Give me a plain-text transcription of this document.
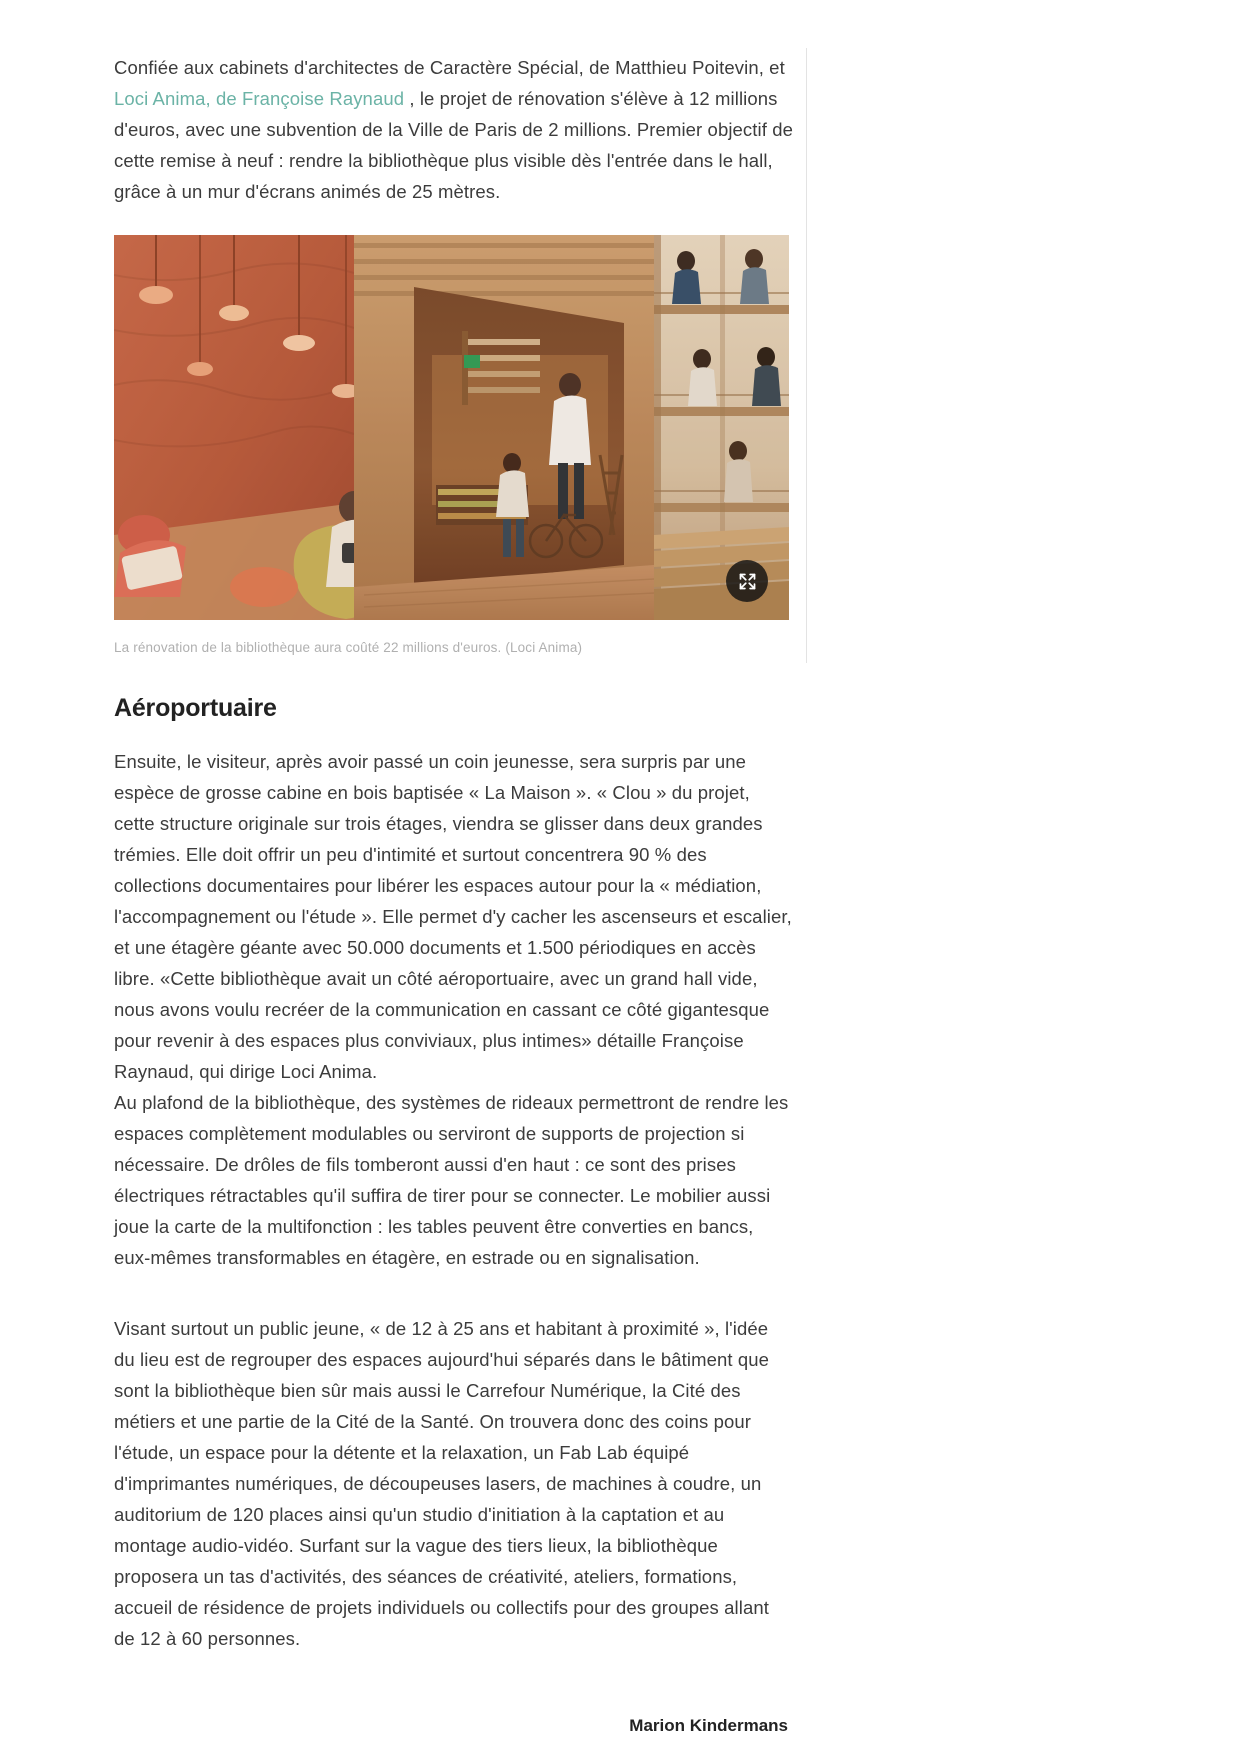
Confiée aux cabinets d'architectes de Caractère Spécial, de Matthieu Poitevin, et Loci Anima, de Françoise Raynaud , le projet de rénovation s'élève à 12 millions d'euros, avec une subvention de la Ville de Paris de 2 millions. Premier objectif de cette remise à neuf : rendre la bibliothèque plus visible dès l'entrée dans le hall, grâce à un mur d'écrans animés de 25 mètres.

La rénovation de la bibliothèque aura coûté 22 millions d'euros. (Loci Anima)
Aéroportuaire

Ensuite, le visiteur, après avoir passé un coin jeunesse, sera surpris par une espèce de grosse cabine en bois baptisée « La Maison ». « Clou » du projet, cette structure originale sur trois étages, viendra se glisser dans deux grandes trémies. Elle doit offrir un peu d'intimité et surtout concentrera 90 % des collections documentaires pour libérer les espaces autour pour la « médiation, l'accompagnement ou l'étude ». Elle permet d'y cacher les ascenseurs et escalier, et une étagère géante avec 50.000 documents et 1.500 périodiques en accès libre. «Cette bibliothèque avait un côté aéroportuaire, avec un grand hall vide, nous avons voulu recréer de la communication en cassant ce côté gigantesque pour revenir à des espaces plus conviviaux, plus intimes» détaille Françoise Raynaud, qui dirige Loci Anima.

Au plafond de la bibliothèque, des systèmes de rideaux permettront de rendre les espaces complètement modulables ou serviront de supports de projection si nécessaire. De drôles de fils tomberont aussi d'en haut : ce sont des prises électriques rétractables qu'il suffira de tirer pour se connecter. Le mobilier aussi joue la carte de la multifonction : les tables peuvent être converties en bancs, eux-mêmes transformables en étagère, en estrade ou en signalisation.

Visant surtout un public jeune, « de 12 à 25 ans et habitant à proximité », l'idée du lieu est de regrouper des espaces aujourd'hui séparés dans le bâtiment que sont la bibliothèque bien sûr mais aussi le Carrefour Numérique, la Cité des métiers et une partie de la Cité de la Santé. On trouvera donc des coins pour l'étude, un espace pour la détente et la relaxation, un Fab Lab équipé d'imprimantes numériques, de découpeuses lasers, de machines à coudre, un auditorium de 120 places ainsi qu'un studio d'initiation à la captation et au montage audio-vidéo. Surfant sur la vague des tiers lieux, la bibliothèque proposera un tas d'activités, des séances de créativité, ateliers, formations, accueil de résidence de projets individuels ou collectifs pour des groupes allant de 12 à 60 personnes.

Marion Kindermans
